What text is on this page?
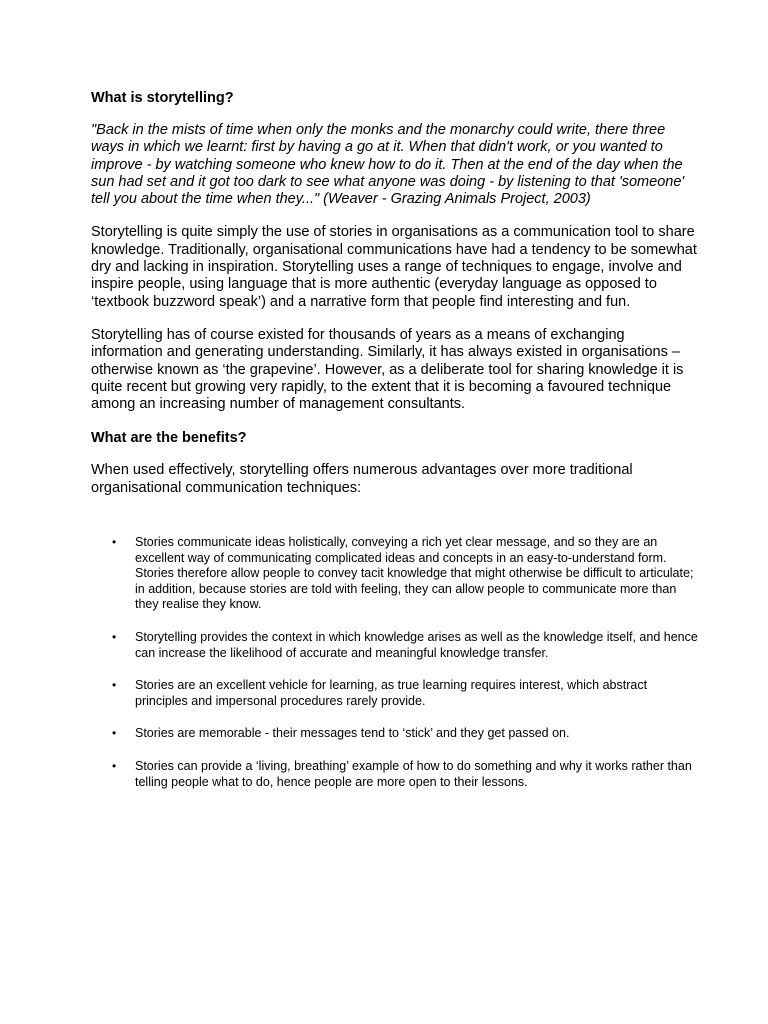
What is storytelling?
"Back in the mists of time when only the monks and the monarchy could write, there three ways in which we learnt: first by having a go at it. When that didn't work, or you wanted to improve - by watching someone who knew how to do it. Then at the end of the day when the sun had set and it got too dark to see what anyone was doing - by listening to that 'someone' tell you about the time when they..." (Weaver - Grazing Animals Project, 2003)
Storytelling is quite simply the use of stories in organisations as a communication tool to share knowledge. Traditionally, organisational communications have had a tendency to be somewhat dry and lacking in inspiration. Storytelling uses a range of techniques to engage, involve and inspire people, using language that is more authentic (everyday language as opposed to ‘textbook buzzword speak’) and a narrative form that people find interesting and fun.
Storytelling has of course existed for thousands of years as a means of exchanging information and generating understanding. Similarly, it has always existed in organisations – otherwise known as ‘the grapevine’. However, as a deliberate tool for sharing knowledge it is quite recent but growing very rapidly, to the extent that it is becoming a favoured technique among an increasing number of management consultants.
What are the benefits?
When used effectively, storytelling offers numerous advantages over more traditional organisational communication techniques:
• Stories communicate ideas holistically, conveying a rich yet clear message, and so they are an excellent way of communicating complicated ideas and concepts in an easy-to-understand form. Stories therefore allow people to convey tacit knowledge that might otherwise be difficult to articulate; in addition, because stories are told with feeling, they can allow people to communicate more than they realise they know.
• Storytelling provides the context in which knowledge arises as well as the knowledge itself, and hence can increase the likelihood of accurate and meaningful knowledge transfer.
• Stories are an excellent vehicle for learning, as true learning requires interest, which abstract principles and impersonal procedures rarely provide.
• Stories are memorable - their messages tend to ‘stick’ and they get passed on.
• Stories can provide a ‘living, breathing’ example of how to do something and why it works rather than telling people what to do, hence people are more open to their lessons.
